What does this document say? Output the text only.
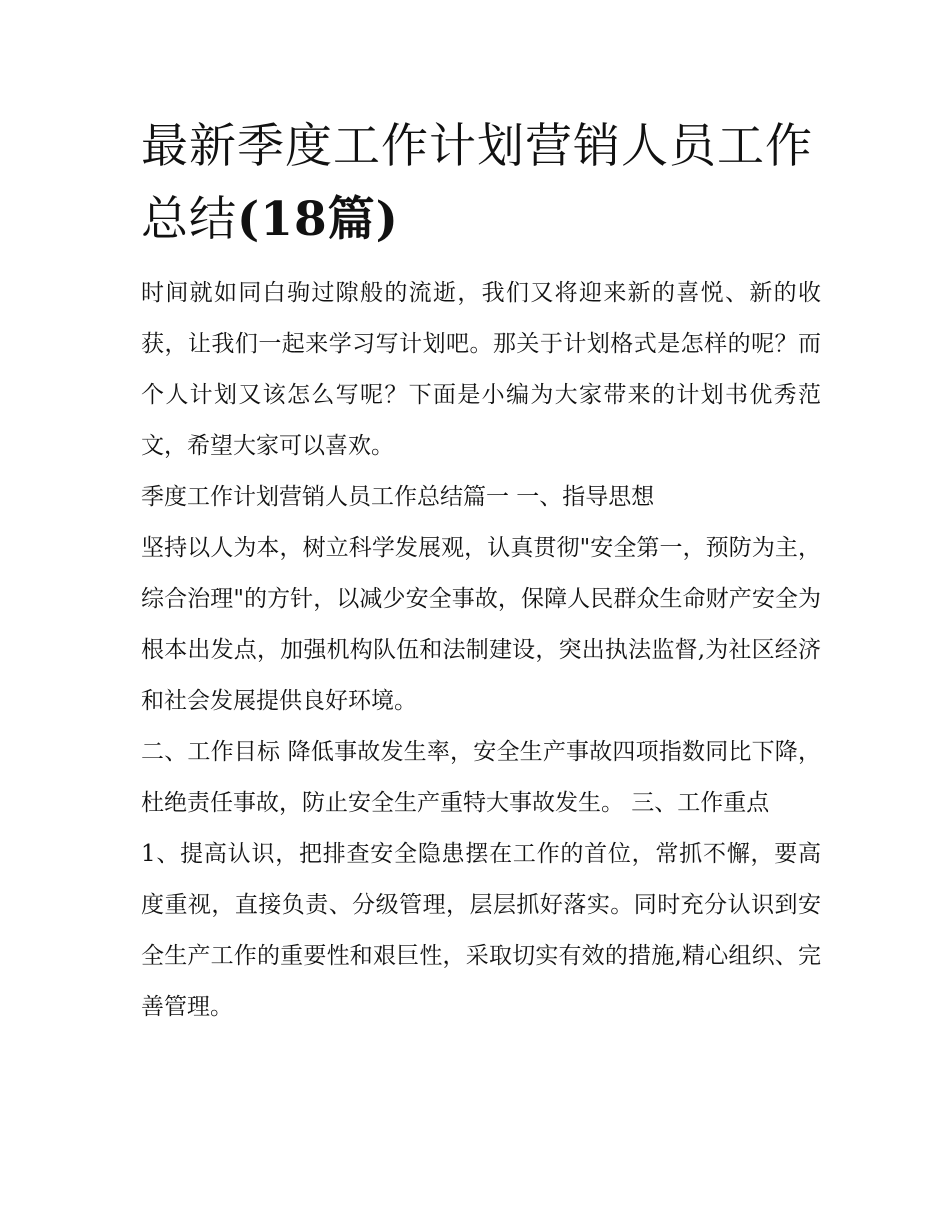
最新季度工作计划营销人员工作总结(18篇)

时间就如同白驹过隙般的流逝，我们又将迎来新的喜悦、新的收获，让我们一起来学习写计划吧。那关于计划格式是怎样的呢？而个人计划又该怎么写呢？下面是小编为大家带来的计划书优秀范文，希望大家可以喜欢。

季度工作计划营销人员工作总结篇一 一、指导思想

坚持以人为本，树立科学发展观，认真贯彻"安全第一，预防为主，综合治理"的方针，以减少安全事故，保障人民群众生命财产安全为根本出发点，加强机构队伍和法制建设，突出执法监督,为社区经济和社会发展提供良好环境。

二、工作目标 降低事故发生率，安全生产事故四项指数同比下降，杜绝责任事故，防止安全生产重特大事故发生。 三、工作重点

1、提高认识，把排查安全隐患摆在工作的首位，常抓不懈，要高度重视，直接负责、分级管理，层层抓好落实。同时充分认识到安全生产工作的重要性和艰巨性，采取切实有效的措施,精心组织、完善管理。
